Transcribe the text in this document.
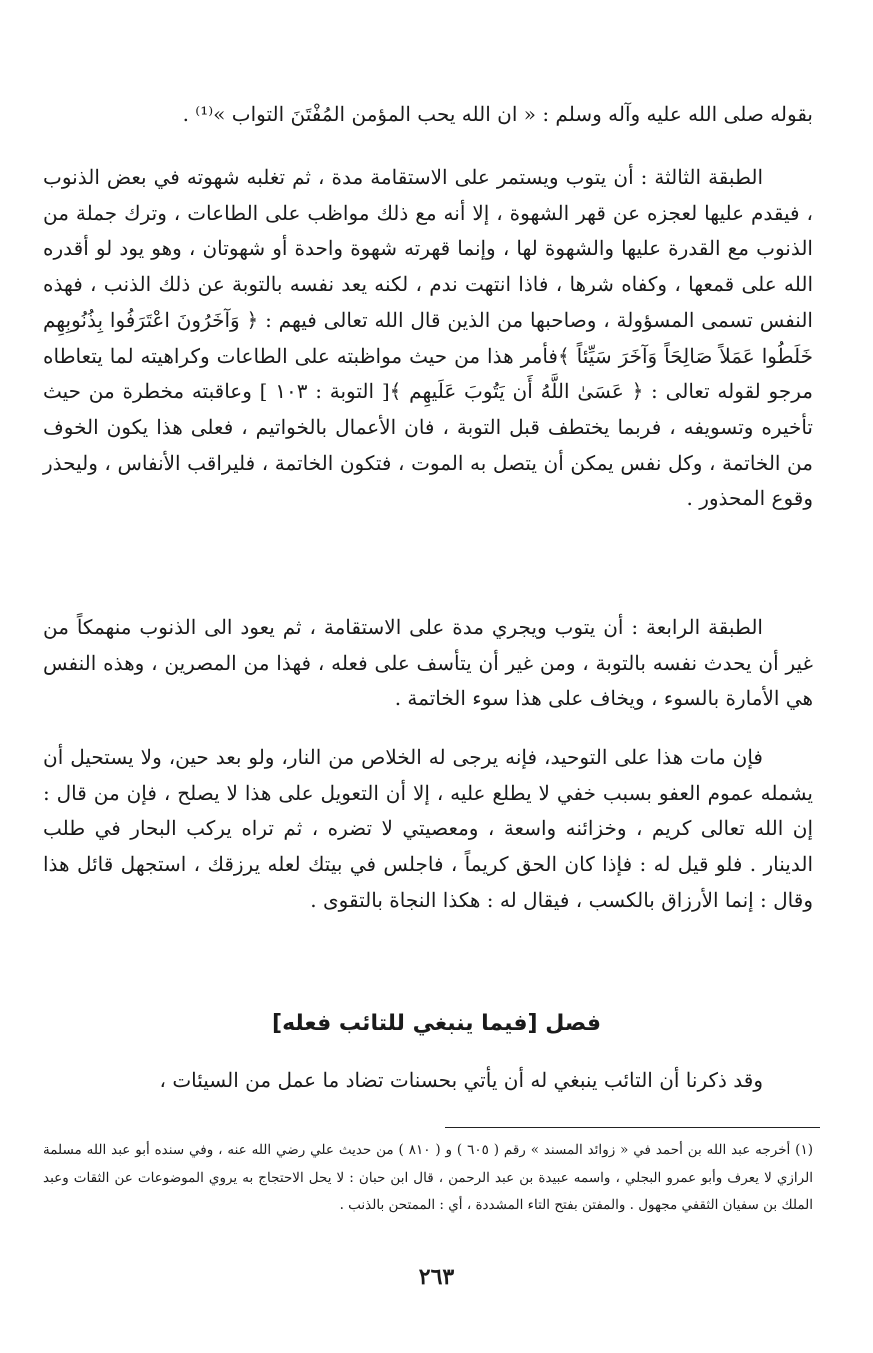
بقوله صلى الله عليه وآله وسلم : « ان الله يحب المؤمن المُفْتَنَ التواب »⁽¹⁾ .

الطبقة الثالثة : أن يتوب ويستمر على الاستقامة مدة ، ثم تغلبه شهوته في بعض الذنوب ، فيقدم عليها لعجزه عن قهر الشهوة ، إلا أنه مع ذلك مواظب على الطاعات ، وترك جملة من الذنوب مع القدرة عليها والشهوة لها ، وإنما قهرته شهوة واحدة أو شهوتان ، وهو يود لو أقدره الله على قمعها ، وكفاه شرها ، فاذا انتهت ندم ، لكنه يعد نفسه بالتوبة عن ذلك الذنب ، فهذه النفس تسمى المسؤولة ، وصاحبها من الذين قال الله تعالى فيهم : ﴿ وَآخَرُونَ اعْتَرَفُوا بِذُنُوبِهِم خَلَطُوا عَمَلاً صَالِحَاً وَآخَرَ سَيِّئاً ﴾فأمر هذا من حيث مواظبته على الطاعات وكراهيته لما يتعاطاه مرجو لقوله تعالى : ﴿ عَسَىٰ اللَّهُ أَن يَتُوبَ عَلَيهِم ﴾[ التوبة : ١٠٣ ] وعاقبته مخطرة من حيث تأخيره وتسويفه ، فربما يختطف قبل التوبة ، فان الأعمال بالخواتيم ، فعلى هذا يكون الخوف من الخاتمة ، وكل نفس يمكن أن يتصل به الموت ، فتكون الخاتمة ، فليراقب الأنفاس ، وليحذر وقوع المحذور .

الطبقة الرابعة : أن يتوب ويجري مدة على الاستقامة ، ثم يعود الى الذنوب منهمكاً من غير أن يحدث نفسه بالتوبة ، ومن غير أن يتأسف على فعله ، فهذا من المصرين ، وهذه النفس هي الأمارة بالسوء ، ويخاف على هذا سوء الخاتمة .

فإن مات هذا على التوحيد، فإنه يرجى له الخلاص من النار، ولو بعد حين، ولا يستحيل أن يشمله عموم العفو بسبب خفي لا يطلع عليه ، إلا أن التعويل على هذا لا يصلح ، فإن من قال : إن الله تعالى كريم ، وخزائنه واسعة ، ومعصيتي لا تضره ، ثم تراه يركب البحار في طلب الدينار . فلو قيل له : فإذا كان الحق كريماً ، فاجلس في بيتك لعله يرزقك ، استجهل قائل هذا وقال : إنما الأرزاق بالكسب ، فيقال له : هكذا النجاة بالتقوى .

فصل [فيما ينبغي للتائب فعله]

وقد ذكرنا أن التائب ينبغي له أن يأتي بحسنات تضاد ما عمل من السيئات ،

(١) أخرجه عبد الله بن أحمد في « زوائد المسند » رقم ( ٦٠٥ ) و ( ٨١٠ ) من حديث علي رضي الله عنه ، وفي سنده أبو عبد الله مسلمة الرازي لا يعرف وأبو عمرو البجلي ، واسمه عبيدة بن عبد الرحمن ، قال ابن حبان : لا يحل الاحتجاج به يروي الموضوعات عن الثقات وعبد الملك بن سفيان الثقفي مجهول . والمفتن بفتح التاء المشددة ، أي : الممتحن بالذنب .

٢٦٣
